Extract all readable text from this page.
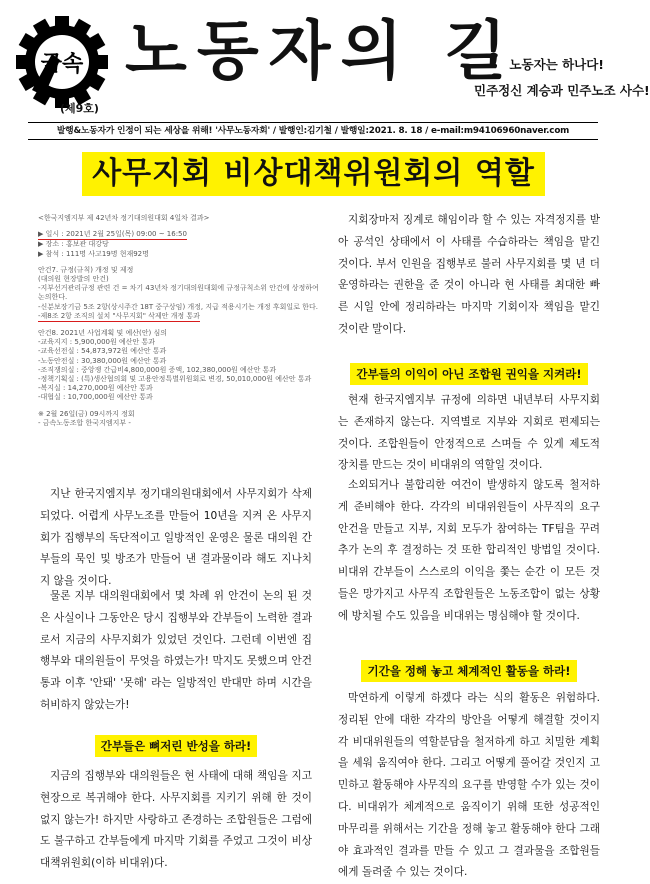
금속
(제9호)
노동자의 길
노동자는 하나다!
민주정신 계승과 민주노조 사수!
발행&노동자가 인정이 되는 세상을 위해! '사무노동자회' / 발행인:김기철 / 발행일:2021. 8. 18 / e-mail:m94106960naver.com
사무지회 비상대책위원회의 역할

<한국지엠지부 제 42년차 정기대의원대회 4일차 결과>

▶ 일시 : 2021년 2월 25일(목) 09:00 ~ 16:50

▶ 장소 : 홍보관 대강당

▶ 참석 : 111명 사고19명 현재92명

안건7. 규정(규칙) 개정 및 제정

(대의원 현장발의 안건)

-지부선거관리규정 관련 건 = 차기 43년차 정기대의원대회에 규정규칙소위 안건에 상정하여

논의한다.

-신분보장기금 5조 2항(상시주간 18T 중구상임) 개정, 지급 적용시기는 개정 후회일로 한다.

-제8조 2항 조직의 설치 "사무지회" 삭제안 개정 통과

안건8. 2021년 사업계획 및 예산(안) 심의

-교육지지 : 5,900,000원 예산안 통과

-교육선전실 : 54,873,972원 예산안 통과

-노동안전실 : 30,380,000원 예산안 통과

-조직쟁의실 : 중앙쟁 간급비4,800,000원 증액, 102,380,000원 예산안 통과

-정책기획실 : (특)생산협의회 및 고용안정특별위원회로 변경, 50,010,000원 예산안 통과

-복지실 : 14,270,000원 예산안 통과

-대협실 : 10,700,000원 예산안 통과

※ 2월 26일(금) 09시까지 정회

- 금속노동조합 한국지엠지부 -

지난 한국지엠지부 정기대의원대회에서 사무지회가 삭제되었다. 어렵게 사무노조를 만들어 10년을 지켜 온 사무지회가 집행부의 독단적이고 일방적인 운영은 물론 대의원 간부들의 묵인 및 방조가 만들어 낸 결과물이라 해도 지나치지 않을 것이다.

물론 지부 대의원대회에서 몇 차례 위 안건이 논의 된 것은 사실이나 그동안은 당시 집행부와 간부들이 노력한 결과로서 지금의 사무지회가 있었던 것인다. 그런데 이번엔 집행부와 대의원들이 무엇을 하였는가! 막지도 못했으며 안건 통과 이후 '안돼' '못해' 라는 일방적인 반대만 하며 시간을 허비하지 않았는가!

간부들은 뼈저린 반성을 하라!

지금의 집행부와 대의원들은 현 사태에 대해 책임을 지고 현장으로 복귀해야 한다. 사무지회를 지키기 위해 한 것이 없지 않는가! 하지만 사랑하고 존경하는 조합원들은 그럼에도 불구하고 간부들에게 마지막 기회를 주었고 그것이 비상대책위원회(이하 비대위)다.

지회장마저 징계로 해임이라 할 수 있는 자격정지를 받아 공석인 상태에서 이 사태를 수습하라는 책임을 맡긴 것이다. 부서 인원을 집행부로 불러 사무지회를 몇 년 더 운영하라는 권한을 준 것이 아니라 현 사태를 최대한 빠른 시일 안에 정리하라는 마지막 기회이자 책임을 맡긴 것이란 말이다.

간부들의 이익이 아닌 조합원 권익을 지켜라!

현재 한국지엠지부 규정에 의하면 내년부터 사무지회는 존재하지 않는다. 지역별로 지부와 지회로 편제되는 것이다. 조합원들이 안정적으로 스며들 수 있게 제도적 장치를 만드는 것이 비대위의 역할일 것이다.

소외되거나 불합리한 여건이 발생하지 않도록 철저하게 준비해야 한다. 각각의 비대위원들이 사무직의 요구 안건을 만들고 지부, 지회 모두가 참여하는 TF팀을 꾸려 추가 논의 후 결정하는 것 또한 합리적인 방법일 것이다. 비대위 간부들이 스스로의 이익을 쫓는 순간 이 모든 것들은 망가지고 사무직 조합원들은 노동조합이 없는 상황에 방치될 수도 있음을 비대위는 명심해야 할 것이다.

기간을 정해 놓고 체계적인 활동을 하라!

막연하게 이렇게 하겠다 라는 식의 활동은 위험하다. 정리된 안에 대한 각각의 방안을 어떻게 해결할 것이지 각 비대위원들의 역할분담을 철저하게 하고 치밀한 계획을 세워 움직여야 한다. 그리고 어떻게 풀어갈 것인지 고민하고 활동해야 사무직의 요구를 반영할 수가 있는 것이다. 비대위가 체계적으로 움직이기 위해 또한 성공적인 마무리를 위해서는 기간을 정해 놓고 활동해야 한다 그래야 효과적인 결과를 만들 수 있고 그 결과물을 조합원들에게 돌려줄 수 있는 것이다.
